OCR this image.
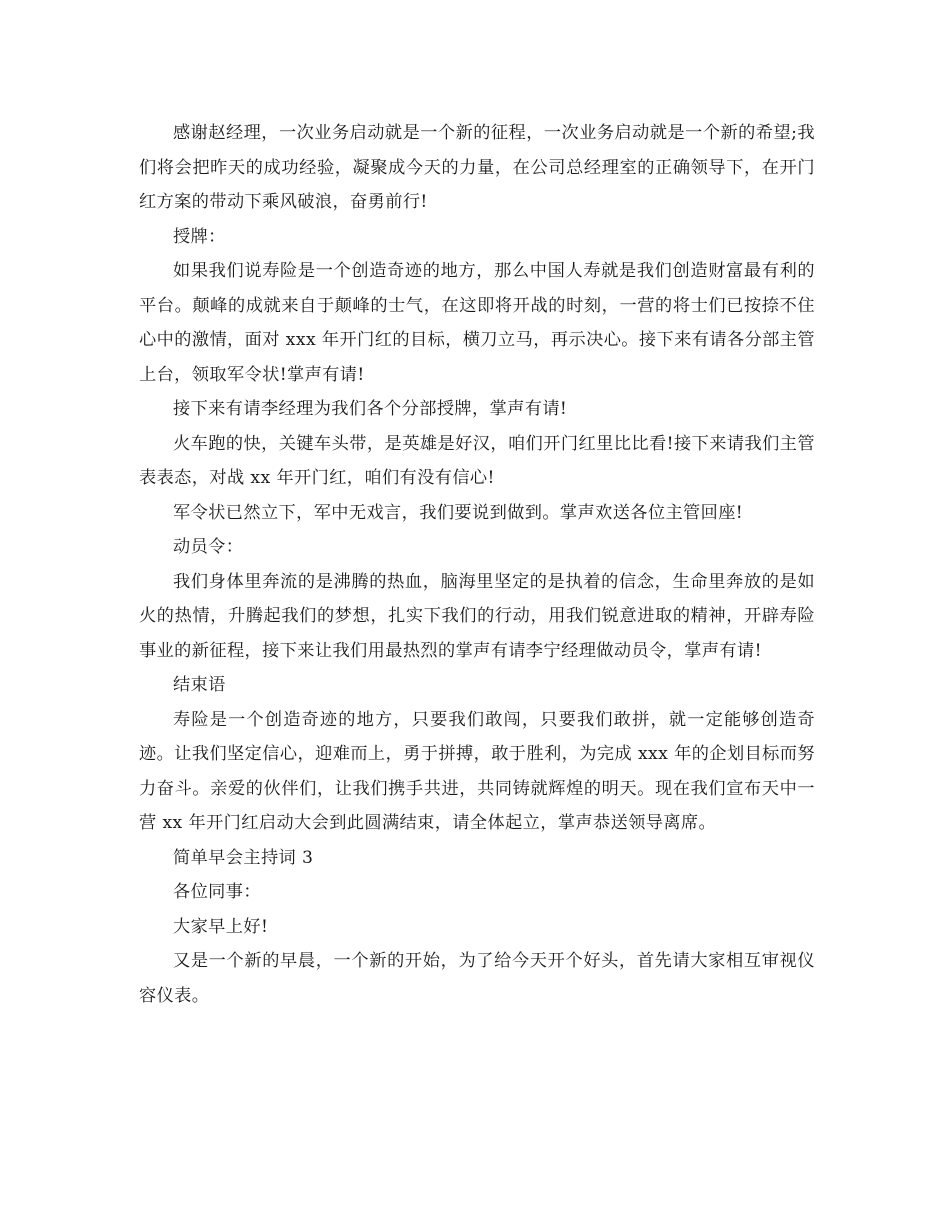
感谢赵经理，一次业务启动就是一个新的征程，一次业务启动就是一个新的希望;我们将会把昨天的成功经验，凝聚成今天的力量，在公司总经理室的正确领导下，在开门红方案的带动下乘风破浪，奋勇前行!

授牌：

如果我们说寿险是一个创造奇迹的地方，那么中国人寿就是我们创造财富最有利的平台。颠峰的成就来自于颠峰的士气，在这即将开战的时刻，一营的将士们已按捺不住心中的激情，面对 xxx 年开门红的目标，横刀立马，再示决心。接下来有请各分部主管上台，领取军令状!掌声有请!

接下来有请李经理为我们各个分部授牌，掌声有请!

火车跑的快，关键车头带，是英雄是好汉，咱们开门红里比比看!接下来请我们主管表表态，对战 xx 年开门红，咱们有没有信心!

军令状已然立下，军中无戏言，我们要说到做到。掌声欢送各位主管回座!

动员令：

我们身体里奔流的是沸腾的热血，脑海里坚定的是执着的信念，生命里奔放的是如火的热情，升腾起我们的梦想，扎实下我们的行动，用我们锐意进取的精神，开辟寿险事业的新征程，接下来让我们用最热烈的掌声有请李宁经理做动员令，掌声有请!

结束语

寿险是一个创造奇迹的地方，只要我们敢闯，只要我们敢拼，就一定能够创造奇迹。让我们坚定信心，迎难而上，勇于拼搏，敢于胜利，为完成 xxx 年的企划目标而努力奋斗。亲爱的伙伴们，让我们携手共进，共同铸就辉煌的明天。现在我们宣布天中一营 xx 年开门红启动大会到此圆满结束，请全体起立，掌声恭送领导离席。

简单早会主持词 3

各位同事：

大家早上好!

又是一个新的早晨，一个新的开始，为了给今天开个好头，首先请大家相互审视仪容仪表。
